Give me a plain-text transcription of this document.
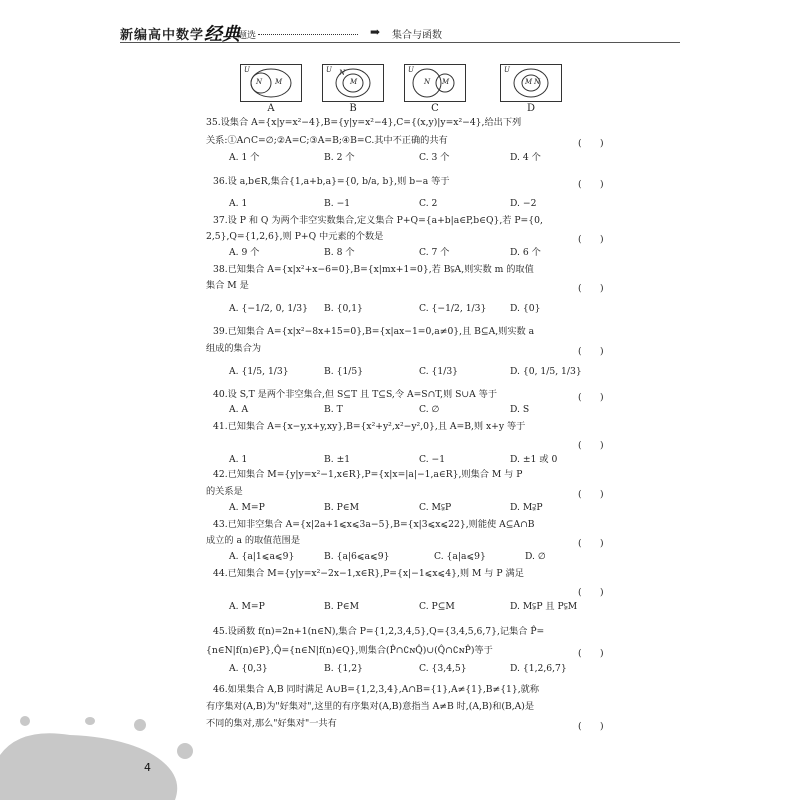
新编高中数学 经典
题选	➡ 集合与函数
U
N M
A
U N
M
B
U
N M
C
U
M N
D
35.设集合 A={x|y=x²−4},B={y|y=x²−4},C={(x,y)|y=x²−4},给出下列
关系:①A∩C=∅;②A=C;③A=B;④B=C.其中不正确的共有	(　　)
A. 1 个	B. 2 个	C. 3 个	D. 4 个
36.设 a,b∈R,集合{1,a+b,a}={0, b/a, b},则 b−a 等于	(　　)
A. 1	B. −1	C. 2	D. −2
37.设 P 和 Q 为两个非空实数集合,定义集合 P+Q={a+b|a∈P,b∈Q},若 P={0,
2,5},Q={1,2,6},则 P+Q 中元素的个数是	(　　)
A. 9 个	B. 8 个	C. 7 个	D. 6 个
38.已知集合 A={x|x²+x−6=0},B={x|mx+1=0},若 B⫋A,则实数 m 的取值
集合 M 是	(　　)
A. {−1/2, 0, 1/3} B. {0,1}	C. {−1/2, 1/3}	D. {0}
39.已知集合 A={x|x²−8x+15=0},B={x|ax−1=0,a≠0},且 B⊆A,则实数 a
组成的集合为	(　　)
A. {1/5, 1/3}	B. {1/5}	C. {1/3}	D. {0, 1/5, 1/3}
40.设 S,T 是两个非空集合,但 S⊆T 且 T⊆S,令 A=S∩T,则 S∪A 等于	(　　)
A. A	B. T	C. ∅	D. S
41.已知集合 A={x−y,x+y,xy},B={x²+y²,x²−y²,0},且 A=B,则 x+y 等于
(　　)
A. 1	B. ±1	C. −1	D. ±1 或 0
42.已知集合 M={y|y=x²−1,x∈R},P={x|x=|a|−1,a∈R},则集合 M 与 P
的关系是	(　　)
A. M=P	B. P∈M	C. M⫋P	D. M⫌P
43.已知非空集合 A={x|2a+1⩽x⩽3a−5},B={x|3⩽x⩽22},则能使 A⊆A∩B
成立的 a 的取值范围是	(　　)
A. {a|1⩽a⩽9}	B. {a|6⩽a⩽9}	C. {a|a⩽9}	D. ∅
44.已知集合 M={y|y=x²−2x−1,x∈R},P={x|−1⩽x⩽4},则 M 与 P 满足
(　　)
A. M=P	B. P∈M	C. P⊆M	D. M⫋P 且 P⫋M
45.设函数 f(n)=2n+1(n∈N),集合 P={1,2,3,4,5},Q={3,4,5,6,7},记集合 P̂=
{n∈N|f(n)∈P},Q̂={n∈N|f(n)∈Q},则集合(P̂∩∁ɴQ̂)∪(Q̂∩∁ɴP̂)等于	(　　)
A. {0,3}	B. {1,2}	C. {3,4,5}	D. {1,2,6,7}
46.如果集合 A,B 同时满足 A∪B={1,2,3,4},A∩B={1},A≠{1},B≠{1},就称
有序集对(A,B)为"好集对",这里的有序集对(A,B)意指当 A≠B 时,(A,B)和(B,A)是
不同的集对,那么"好集对"一共有	(　　)
4
